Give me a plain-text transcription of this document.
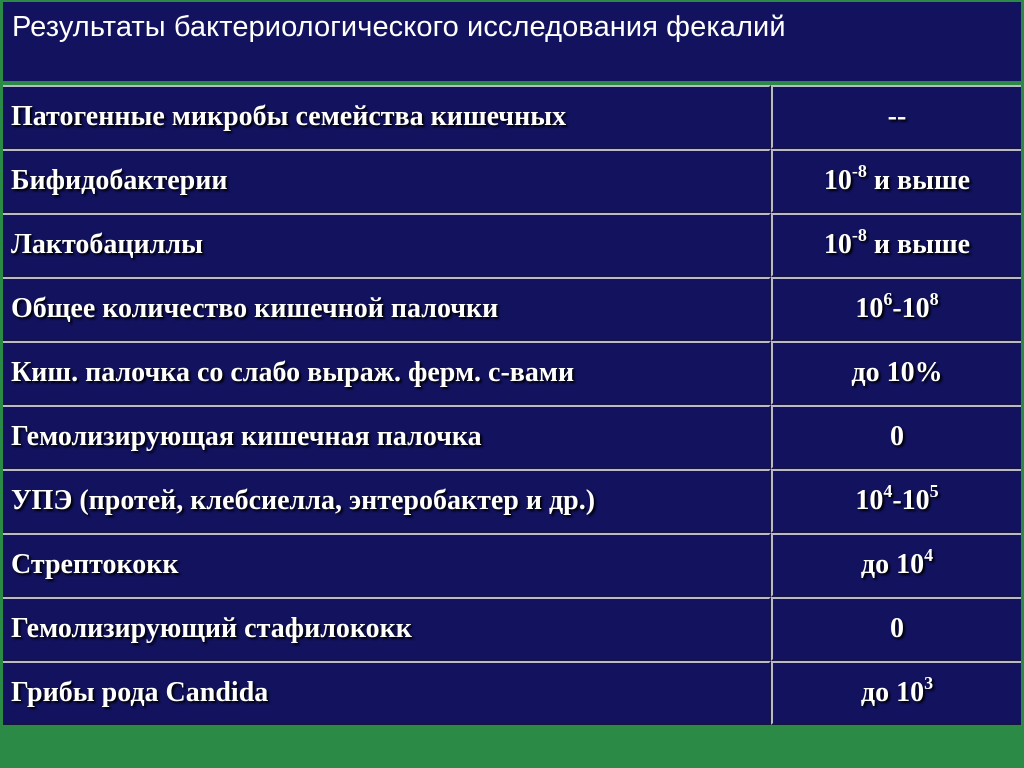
Результаты бактериологического исследования фекалий
Патогенные микробы семейства кишечных	--
Бифидобактерии	$10^{-8}$ и выше
Лактобациллы	$10^{-8}$ и выше
Общее количество кишечной палочки	$10^6-10^8$
Киш. палочка со слабо выраж. ферм. с-вами	до 10%
Гемолизирующая кишечная палочка	0
УПЭ (протей, клебсиелла, энтеробактер и др.)	$10^4-10^5$
Стрептококк	до $10^4$
Гемолизирующий стафилококк	0
Грибы рода Candida	до $10^3$
